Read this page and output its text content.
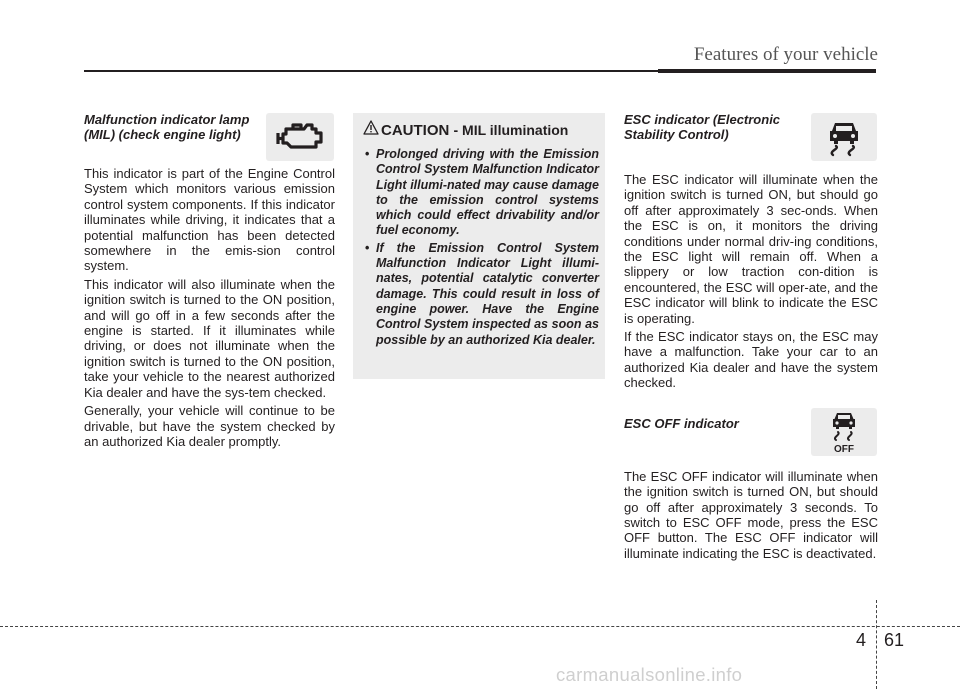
Features of your vehicle

Malfunction indicator lamp (MIL) (check engine light)

This indicator is part of the Engine Control System which monitors various emission control system components. If this indicator illuminates while driving, it indicates that a potential malfunction has been detected somewhere in the emis-sion control system.

This indicator will also illuminate when the ignition switch is turned to the ON position, and will go off in a few seconds after the engine is started. If it illuminates while driving, or does not illuminate when the ignition switch is turned to the ON position, take your vehicle to the nearest authorized Kia dealer and have the sys-tem checked.

Generally, your vehicle will continue to be drivable, but have the system checked by an authorized Kia dealer promptly.

CAUTION - MIL illumination
• Prolonged driving with the Emission Control System Malfunction Indicator Light illumi-nated may cause damage to the emission control systems which could effect drivability and/or fuel economy.
• If the Emission Control System Malfunction Indicator Light illumi-nates, potential catalytic converter damage. This could result in loss of engine power. Have the Engine Control System inspected as soon as possible by an authorized Kia dealer.

ESC indicator (Electronic Stability Control)

The ESC indicator will illuminate when the ignition switch is turned ON, but should go off after approximately 3 sec-onds. When the ESC is on, it monitors the driving conditions under normal driv-ing conditions, the ESC light will remain off. When a slippery or low traction con-dition is encountered, the ESC will oper-ate, and the ESC indicator will blink to indicate the ESC is operating.

If the ESC indicator stays on, the ESC may have a malfunction. Take your car to an authorized Kia dealer and have the system checked.

ESC OFF indicator

The ESC OFF indicator will illuminate when the ignition switch is turned ON, but should go off after approximately 3 seconds. To switch to ESC OFF mode, press the ESC OFF button. The ESC OFF indicator will illuminate indicating the ESC is deactivated.

OFF
4 61
carmanualsonline.info
